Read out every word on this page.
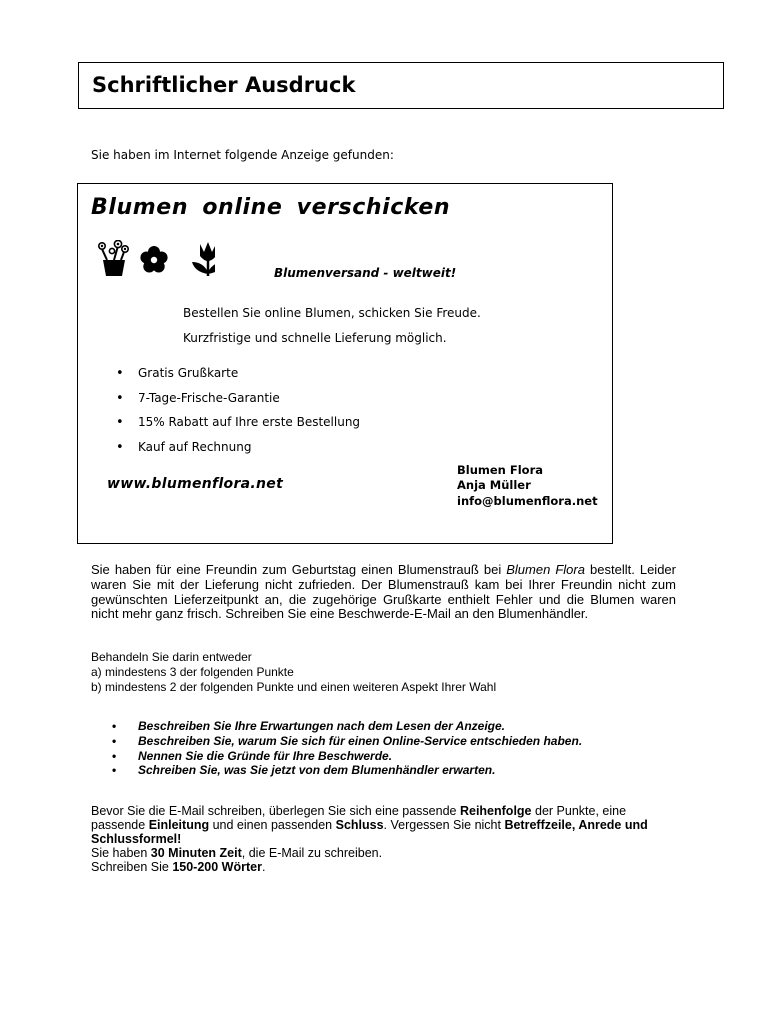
Schriftlicher Ausdruck
Sie haben im Internet folgende Anzeige gefunden:
Blumen online verschicken
Blumenversand - weltweit!
Bestellen Sie online Blumen, schicken Sie Freude.
Kurzfristige und schnelle Lieferung möglich.
• Gratis Grußkarte
• 7-Tage-Frische-Garantie
• 15% Rabatt auf Ihre erste Bestellung
• Kauf auf Rechnung
www.blumenflora.net
Blumen Flora
Anja Müller
info@blumenflora.net
Sie haben für eine Freundin zum Geburtstag einen Blumenstrauß bei Blumen Flora bestellt. Leider waren Sie mit der Lieferung nicht zufrieden. Der Blumenstrauß kam bei Ihrer Freundin nicht zum gewünschten Lieferzeitpunkt an, die zugehörige Grußkarte enthielt Fehler und die Blumen waren nicht mehr ganz frisch. Schreiben Sie eine Beschwerde-E-Mail an den Blumenhändler.
Behandeln Sie darin entweder
a) mindestens 3 der folgenden Punkte
b) mindestens 2 der folgenden Punkte und einen weiteren Aspekt Ihrer Wahl
• Beschreiben Sie Ihre Erwartungen nach dem Lesen der Anzeige.
• Beschreiben Sie, warum Sie sich für einen Online-Service entschieden haben.
• Nennen Sie die Gründe für Ihre Beschwerde.
• Schreiben Sie, was Sie jetzt von dem Blumenhändler erwarten.
Bevor Sie die E-Mail schreiben, überlegen Sie sich eine passende Reihenfolge der Punkte, eine passende Einleitung und einen passenden Schluss. Vergessen Sie nicht Betreffzeile, Anrede und Schlussformel!
Sie haben 30 Minuten Zeit, die E-Mail zu schreiben.
Schreiben Sie 150-200 Wörter.
